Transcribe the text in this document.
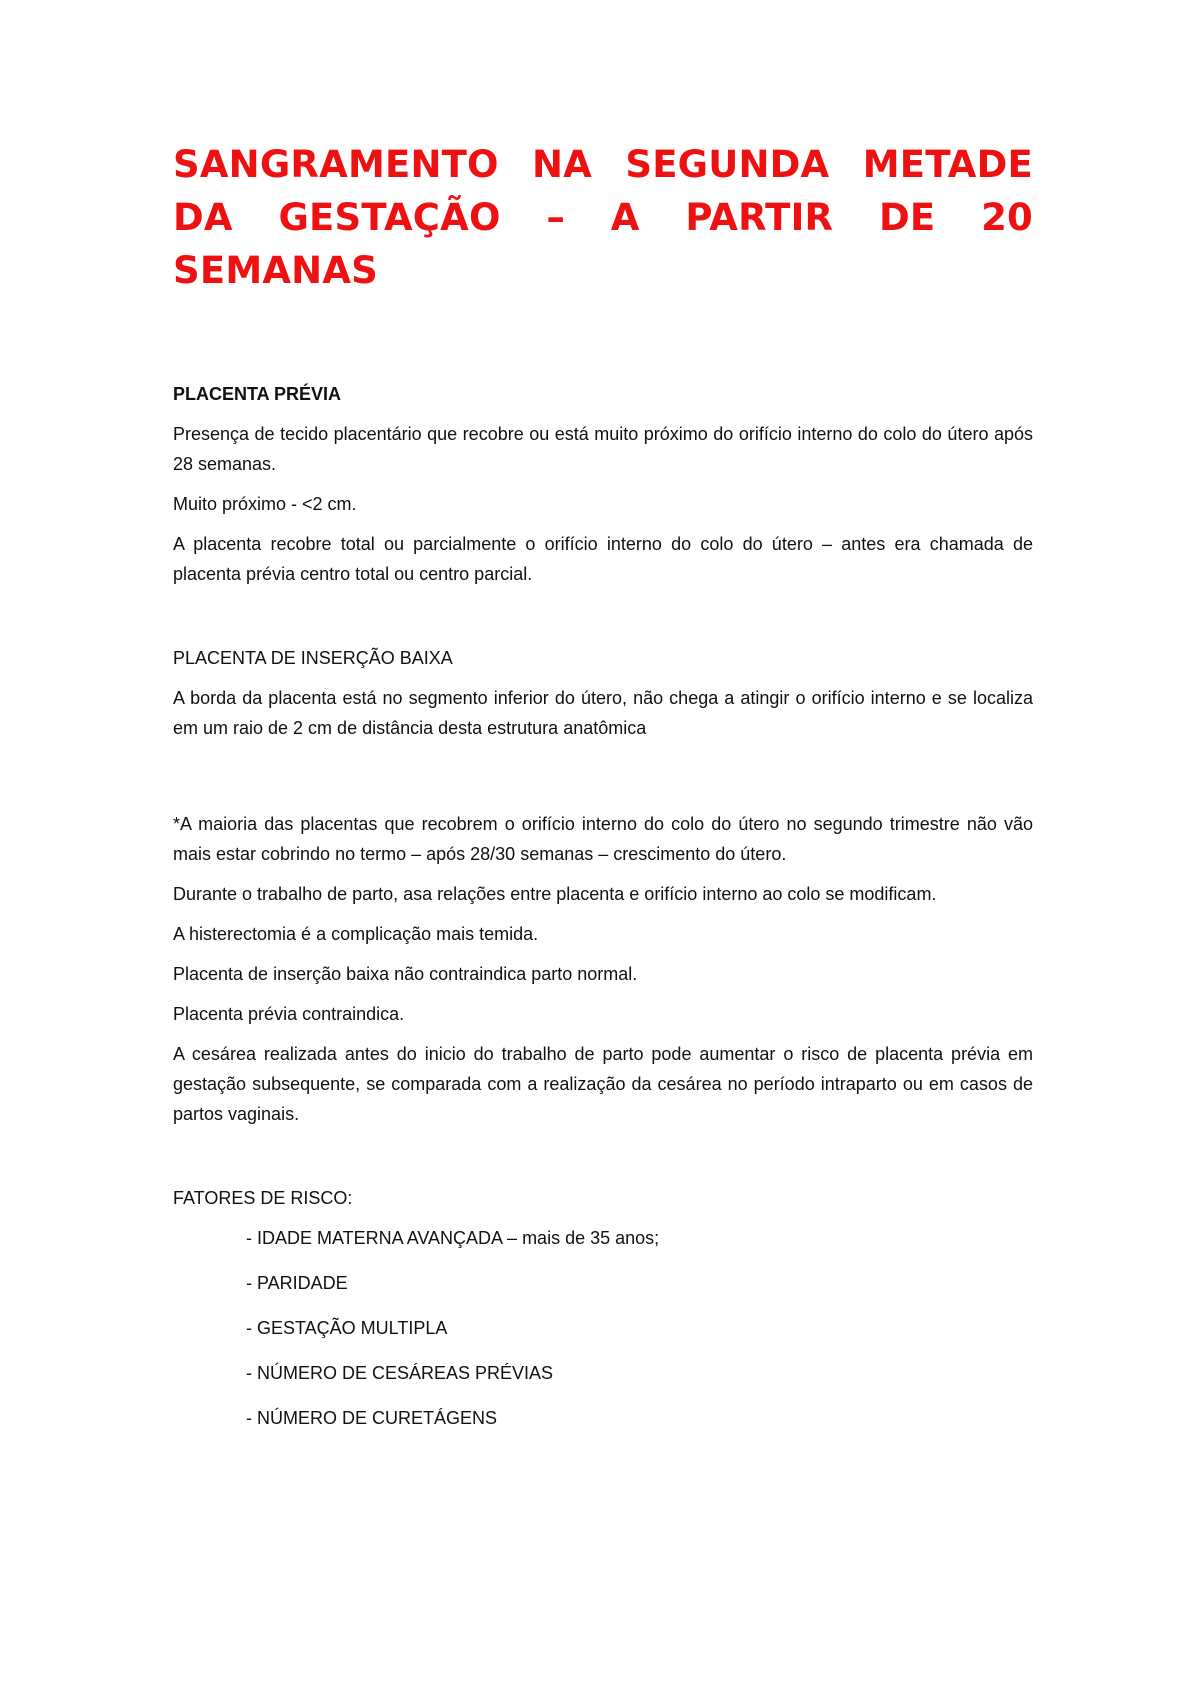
SANGRAMENTO NA SEGUNDA METADE DA GESTAÇÃO – A PARTIR DE 20 SEMANAS

PLACENTA PRÉVIA

Presença de tecido placentário que recobre ou está muito próximo do orifício interno do colo do útero após 28 semanas.

Muito próximo - <2 cm.

A placenta recobre total ou parcialmente o orifício interno do colo do útero – antes era chamada de placenta prévia centro total ou centro parcial.

PLACENTA DE INSERÇÃO BAIXA

A borda da placenta está no segmento inferior do útero, não chega a atingir o orifício interno e se localiza em um raio de 2 cm de distância desta estrutura anatômica

*A maioria das placentas que recobrem o orifício interno do colo do útero no segundo trimestre não vão mais estar cobrindo no termo – após 28/30 semanas – crescimento do útero.

Durante o trabalho de parto, asa relações entre placenta e orifício interno ao colo se modificam.

A histerectomia é a complicação mais temida.

Placenta de inserção baixa não contraindica parto normal.

Placenta prévia contraindica.

A cesárea realizada antes do inicio do trabalho de parto pode aumentar o risco de placenta prévia em gestação subsequente, se comparada com a realização da cesárea no período intraparto ou em casos de partos vaginais.

FATORES DE RISCO:

- IDADE MATERNA AVANÇADA – mais de 35 anos;
- PARIDADE
- GESTAÇÃO MULTIPLA
- NÚMERO DE CESÁREAS PRÉVIAS
- NÚMERO DE CURETÁGENS
